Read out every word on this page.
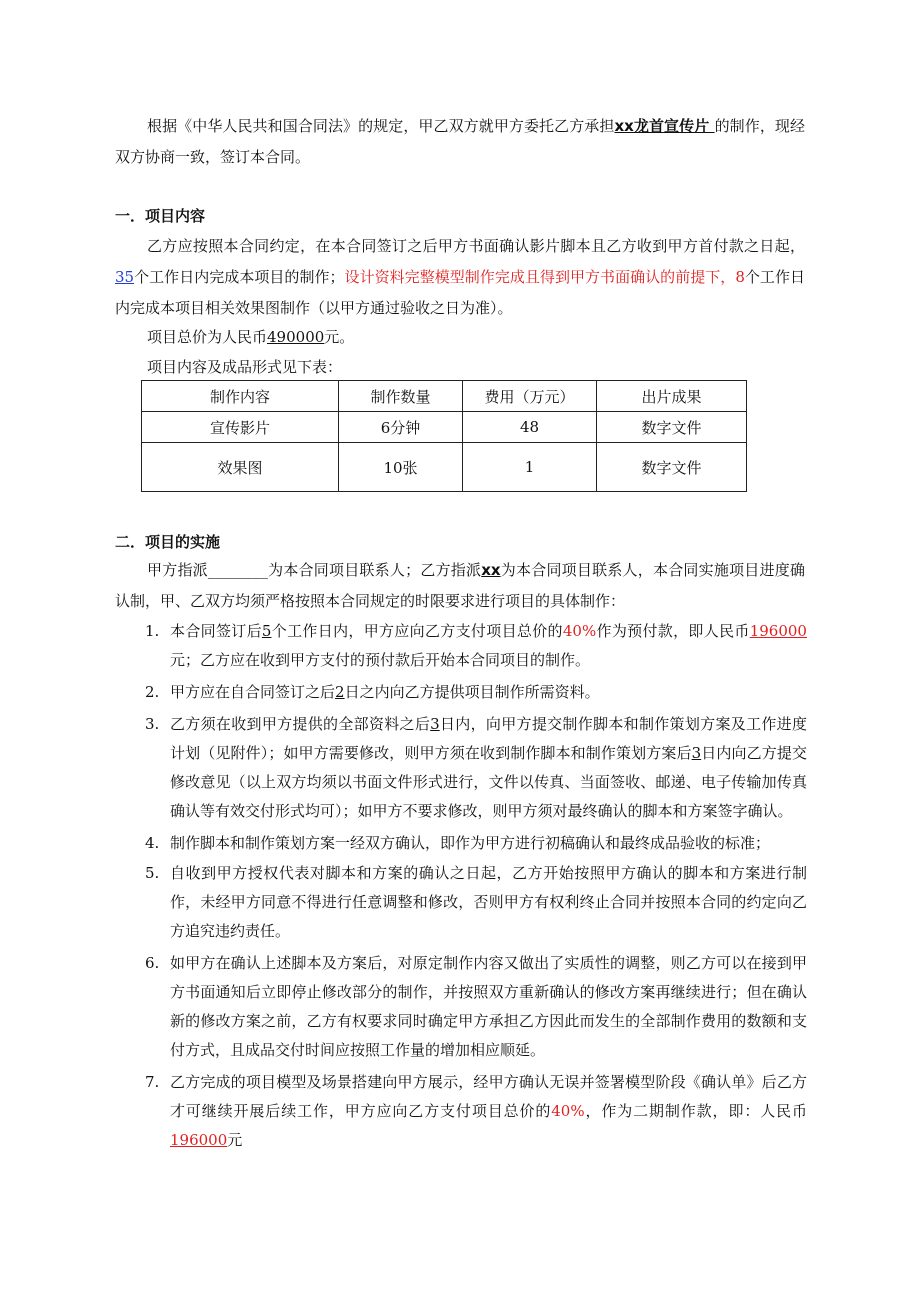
根据《中华人民共和国合同法》的规定，甲乙双方就甲方委托乙方承担xx龙首宣传片 的制作，现经双方协商一致，签订本合同。

一．项目内容

乙方应按照本合同约定，在本合同签订之后甲方书面确认影片脚本且乙方收到甲方首付款之日起，35个工作日内完成本项目的制作；设计资料完整模型制作完成且得到甲方书面确认的前提下，8个工作日内完成本项目相关效果图制作（以甲方通过验收之日为准）。

项目总价为人民币490000元。

项目内容及成品形式见下表：

制作内容	制作数量	费用（万元）	出片成果
宣传影片	6分钟	48	数字文件
效果图	10张	1	数字文件

二．项目的实施

甲方指派________为本合同项目联系人；乙方指派xx为本合同项目联系人，本合同实施项目进度确认制，甲、乙双方均须严格按照本合同规定的时限要求进行项目的具体制作：

1. 本合同签订后5个工作日内，甲方应向乙方支付项目总价的40%作为预付款，即人民币196000元；乙方应在收到甲方支付的预付款后开始本合同项目的制作。
2. 甲方应在自合同签订之后2日之内向乙方提供项目制作所需资料。
3. 乙方须在收到甲方提供的全部资料之后3日内，向甲方提交制作脚本和制作策划方案及工作进度计划（见附件）；如甲方需要修改，则甲方须在收到制作脚本和制作策划方案后3日内向乙方提交修改意见（以上双方均须以书面文件形式进行，文件以传真、当面签收、邮递、电子传输加传真确认等有效交付形式均可）；如甲方不要求修改，则甲方须对最终确认的脚本和方案签字确认。
4. 制作脚本和制作策划方案一经双方确认，即作为甲方进行初稿确认和最终成品验收的标准；
5. 自收到甲方授权代表对脚本和方案的确认之日起，乙方开始按照甲方确认的脚本和方案进行制作，未经甲方同意不得进行任意调整和修改，否则甲方有权利终止合同并按照本合同的约定向乙方追究违约责任。
6. 如甲方在确认上述脚本及方案后，对原定制作内容又做出了实质性的调整，则乙方可以在接到甲方书面通知后立即停止修改部分的制作，并按照双方重新确认的修改方案再继续进行；但在确认新的修改方案之前，乙方有权要求同时确定甲方承担乙方因此而发生的全部制作费用的数额和支付方式，且成品交付时间应按照工作量的增加相应顺延。
7. 乙方完成的项目模型及场景搭建向甲方展示，经甲方确认无误并签署模型阶段《确认单》后乙方才可继续开展后续工作，甲方应向乙方支付项目总价的40%，作为二期制作款，即：人民币196000元
